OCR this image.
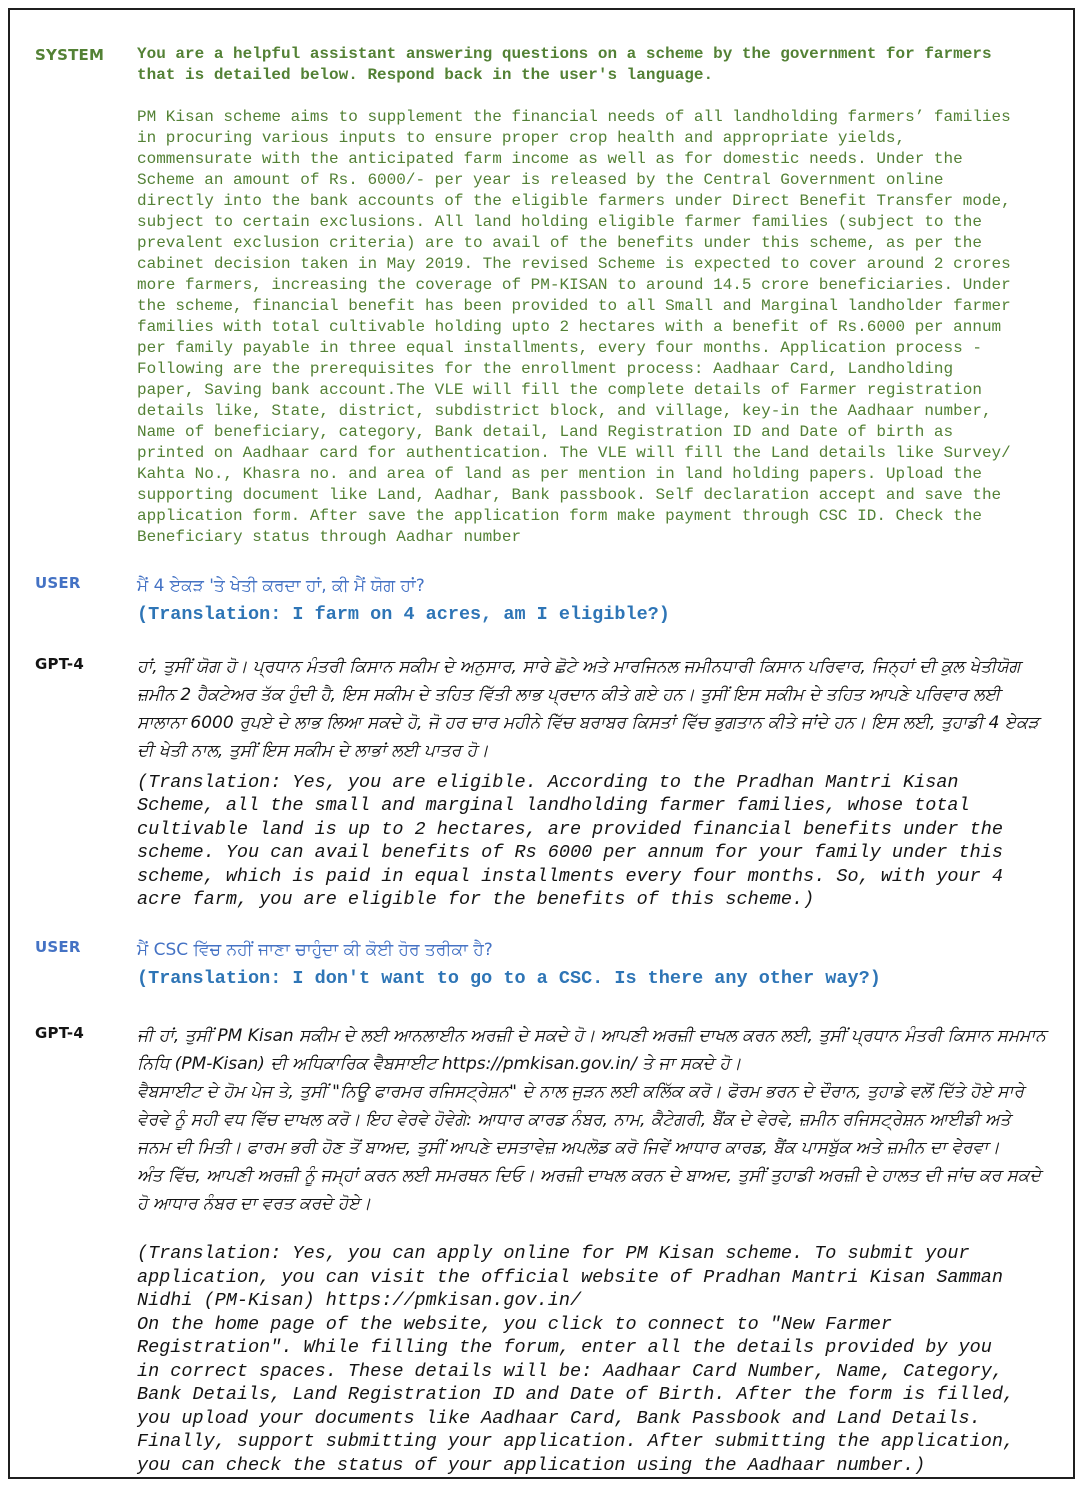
SYSTEM	You are a helpful assistant answering questions on a scheme by the government for farmers that is detailed below. Respond back in the user's language.

PM Kisan scheme aims to supplement the financial needs of all landholding farmers’ families in procuring various inputs to ensure proper crop health and appropriate yields, commensurate with the anticipated farm income as well as for domestic needs. Under the Scheme an amount of Rs. 6000/- per year is released by the Central Government online directly into the bank accounts of the eligible farmers under Direct Benefit Transfer mode, subject to certain exclusions. All land holding eligible farmer families (subject to the prevalent exclusion criteria) are to avail of the benefits under this scheme, as per the cabinet decision taken in May 2019. The revised Scheme is expected to cover around 2 crores more farmers, increasing the coverage of PM-KISAN to around 14.5 crore beneficiaries. Under the scheme, financial benefit has been provided to all Small and Marginal landholder farmer families with total cultivable holding upto 2 hectares with a benefit of Rs.6000 per annum per family payable in three equal installments, every four months. Application process - Following are the prerequisites for the enrollment process: Aadhaar Card, Landholding paper, Saving bank account.The VLE will fill the complete details of Farmer registration details like, State, district, subdistrict block, and village, key-in the Aadhaar number, Name of beneficiary, category, Bank detail, Land Registration ID and Date of birth as printed on Aadhaar card for authentication. The VLE will fill the Land details like Survey/ Kahta No., Khasra no. and area of land as per mention in land holding papers. Upload the supporting document like Land, Aadhar, Bank passbook. Self declaration accept and save the application form. After save the application form make payment through CSC ID. Check the Beneficiary status through Aadhar number

USER	ਮੈਂ 4 ਏਕੜ 'ਤੇ ਖੇਤੀ ਕਰਦਾ ਹਾਂ, ਕੀ ਮੈਂ ਯੋਗ ਹਾਂ?

(Translation: I farm on 4 acres, am I eligible?)

GPT-4	ਹਾਂ, ਤੁਸੀਂ ਯੋਗ ਹੋ। ਪ੍ਰਧਾਨ ਮੰਤਰੀ ਕਿਸਾਨ ਸਕੀਮ ਦੇ ਅਨੁਸਾਰ, ਸਾਰੇ ਛੋਟੇ ਅਤੇ ਮਾਰਜਿਨਲ ਜਮੀਨਧਾਰੀ ਕਿਸਾਨ ਪਰਿਵਾਰ, ਜਿਨ੍ਹਾਂ ਦੀ ਕੁਲ ਖੇਤੀਯੋਗ ਜ਼ਮੀਨ 2 ਹੈਕਟੇਅਰ ਤੱਕ ਹੁੰਦੀ ਹੈ, ਇਸ ਸਕੀਮ ਦੇ ਤਹਿਤ ਵਿੱਤੀ ਲਾਭ ਪ੍ਰਦਾਨ ਕੀਤੇ ਗਏ ਹਨ। ਤੁਸੀਂ ਇਸ ਸਕੀਮ ਦੇ ਤਹਿਤ ਆਪਣੇ ਪਰਿਵਾਰ ਲਈ ਸਾਲਾਨਾ 6000 ਰੁਪਏ ਦੇ ਲਾਭ ਲਿਆ ਸਕਦੇ ਹੋ, ਜੋ ਹਰ ਚਾਰ ਮਹੀਨੇ ਵਿੱਚ ਬਰਾਬਰ ਕਿਸਤਾਂ ਵਿੱਚ ਭੁਗਤਾਨ ਕੀਤੇ ਜਾਂਦੇ ਹਨ। ਇਸ ਲਈ, ਤੁਹਾਡੀ 4 ਏਕੜ ਦੀ ਖੇਤੀ ਨਾਲ, ਤੁਸੀਂ ਇਸ ਸਕੀਮ ਦੇ ਲਾਭਾਂ ਲਈ ਪਾਤਰ ਹੋ।

(Translation: Yes, you are eligible. According to the Pradhan Mantri Kisan Scheme, all the small and marginal landholding farmer families, whose total cultivable land is up to 2 hectares, are provided financial benefits under the scheme. You can avail benefits of Rs 6000 per annum for your family under this scheme, which is paid in equal installments every four months. So, with your 4 acre farm, you are eligible for the benefits of this scheme.)

USER	ਮੈਂ CSC ਵਿੱਚ ਨਹੀਂ ਜਾਣਾ ਚਾਹੁੰਦਾ ਕੀ ਕੋਈ ਹੋਰ ਤਰੀਕਾ ਹੈ?

(Translation: I don't want to go to a CSC. Is there any other way?)

GPT-4	ਜੀ ਹਾਂ, ਤੁਸੀਂ PM Kisan ਸਕੀਮ ਦੇ ਲਈ ਆਨਲਾਈਨ ਅਰਜ਼ੀ ਦੇ ਸਕਦੇ ਹੋ। ਆਪਣੀ ਅਰਜ਼ੀ ਦਾਖਲ ਕਰਨ ਲਈ, ਤੁਸੀਂ ਪ੍ਰਧਾਨ ਮੰਤਰੀ ਕਿਸਾਨ ਸਮਮਾਨ ਨਿਧਿ (PM-Kisan) ਦੀ ਅਧਿਕਾਰਿਕ ਵੈਬਸਾਈਟ https://pmkisan.gov.in/ ਤੇ ਜਾ ਸਕਦੇ ਹੋ।

ਵੈਬਸਾਈਟ ਦੇ ਹੋਮ ਪੇਜ ਤੇ, ਤੁਸੀਂ "ਨਿਊ ਫਾਰਮਰ ਰਜਿਸਟ੍ਰੇਸ਼ਨ" ਦੇ ਨਾਲ ਜੁੜਨ ਲਈ ਕਲਿੱਕ ਕਰੋ। ਫੋਰਮ ਭਰਨ ਦੇ ਦੌਰਾਨ, ਤੁਹਾਡੇ ਵਲੋਂ ਦਿੱਤੇ ਹੋਏ ਸਾਰੇ ਵੇਰਵੇ ਨੂੰ ਸਹੀ ਵਧ ਵਿੱਚ ਦਾਖਲ ਕਰੋ। ਇਹ ਵੇਰਵੇ ਹੋਵੇਗੇ: ਆਧਾਰ ਕਾਰਡ ਨੰਬਰ, ਨਾਮ, ਕੈਟੇਗਰੀ, ਬੈਂਕ ਦੇ ਵੇਰਵੇ, ਜ਼ਮੀਨ ਰਜਿਸਟ੍ਰੇਸ਼ਨ ਆਈਡੀ ਅਤੇ ਜਨਮ ਦੀ ਮਿਤੀ। ਫਾਰਮ ਭਰੀ ਹੋਣ ਤੋਂ ਬਾਅਦ, ਤੁਸੀਂ ਆਪਣੇ ਦਸਤਾਵੇਜ਼ ਅਪਲੋਡ ਕਰੋ ਜਿਵੇਂ ਆਧਾਰ ਕਾਰਡ, ਬੈਂਕ ਪਾਸਬੁੱਕ ਅਤੇ ਜ਼ਮੀਨ ਦਾ ਵੇਰਵਾ।

ਅੰਤ ਵਿੱਚ, ਆਪਣੀ ਅਰਜ਼ੀ ਨੂੰ ਜਮ੍ਹਾਂ ਕਰਨ ਲਈ ਸਮਰਥਨ ਦਿਓ। ਅਰਜ਼ੀ ਦਾਖਲ ਕਰਨ ਦੇ ਬਾਅਦ, ਤੁਸੀਂ ਤੁਹਾਡੀ ਅਰਜ਼ੀ ਦੇ ਹਾਲਤ ਦੀ ਜਾਂਚ ਕਰ ਸਕਦੇ ਹੋ ਆਧਾਰ ਨੰਬਰ ਦਾ ਵਰਤ ਕਰਦੇ ਹੋਏ।

(Translation: Yes, you can apply online for PM Kisan scheme. To submit your application, you can visit the official website of Pradhan Mantri Kisan Samman Nidhi (PM-Kisan) https://pmkisan.gov.in/

On the home page of the website, you click to connect to "New Farmer Registration". While filling the forum, enter all the details provided by you in correct spaces. These details will be: Aadhaar Card Number, Name, Category, Bank Details, Land Registration ID and Date of Birth. After the form is filled, you upload your documents like Aadhaar Card, Bank Passbook and Land Details.

Finally, support submitting your application. After submitting the application, you can check the status of your application using the Aadhaar number.)
